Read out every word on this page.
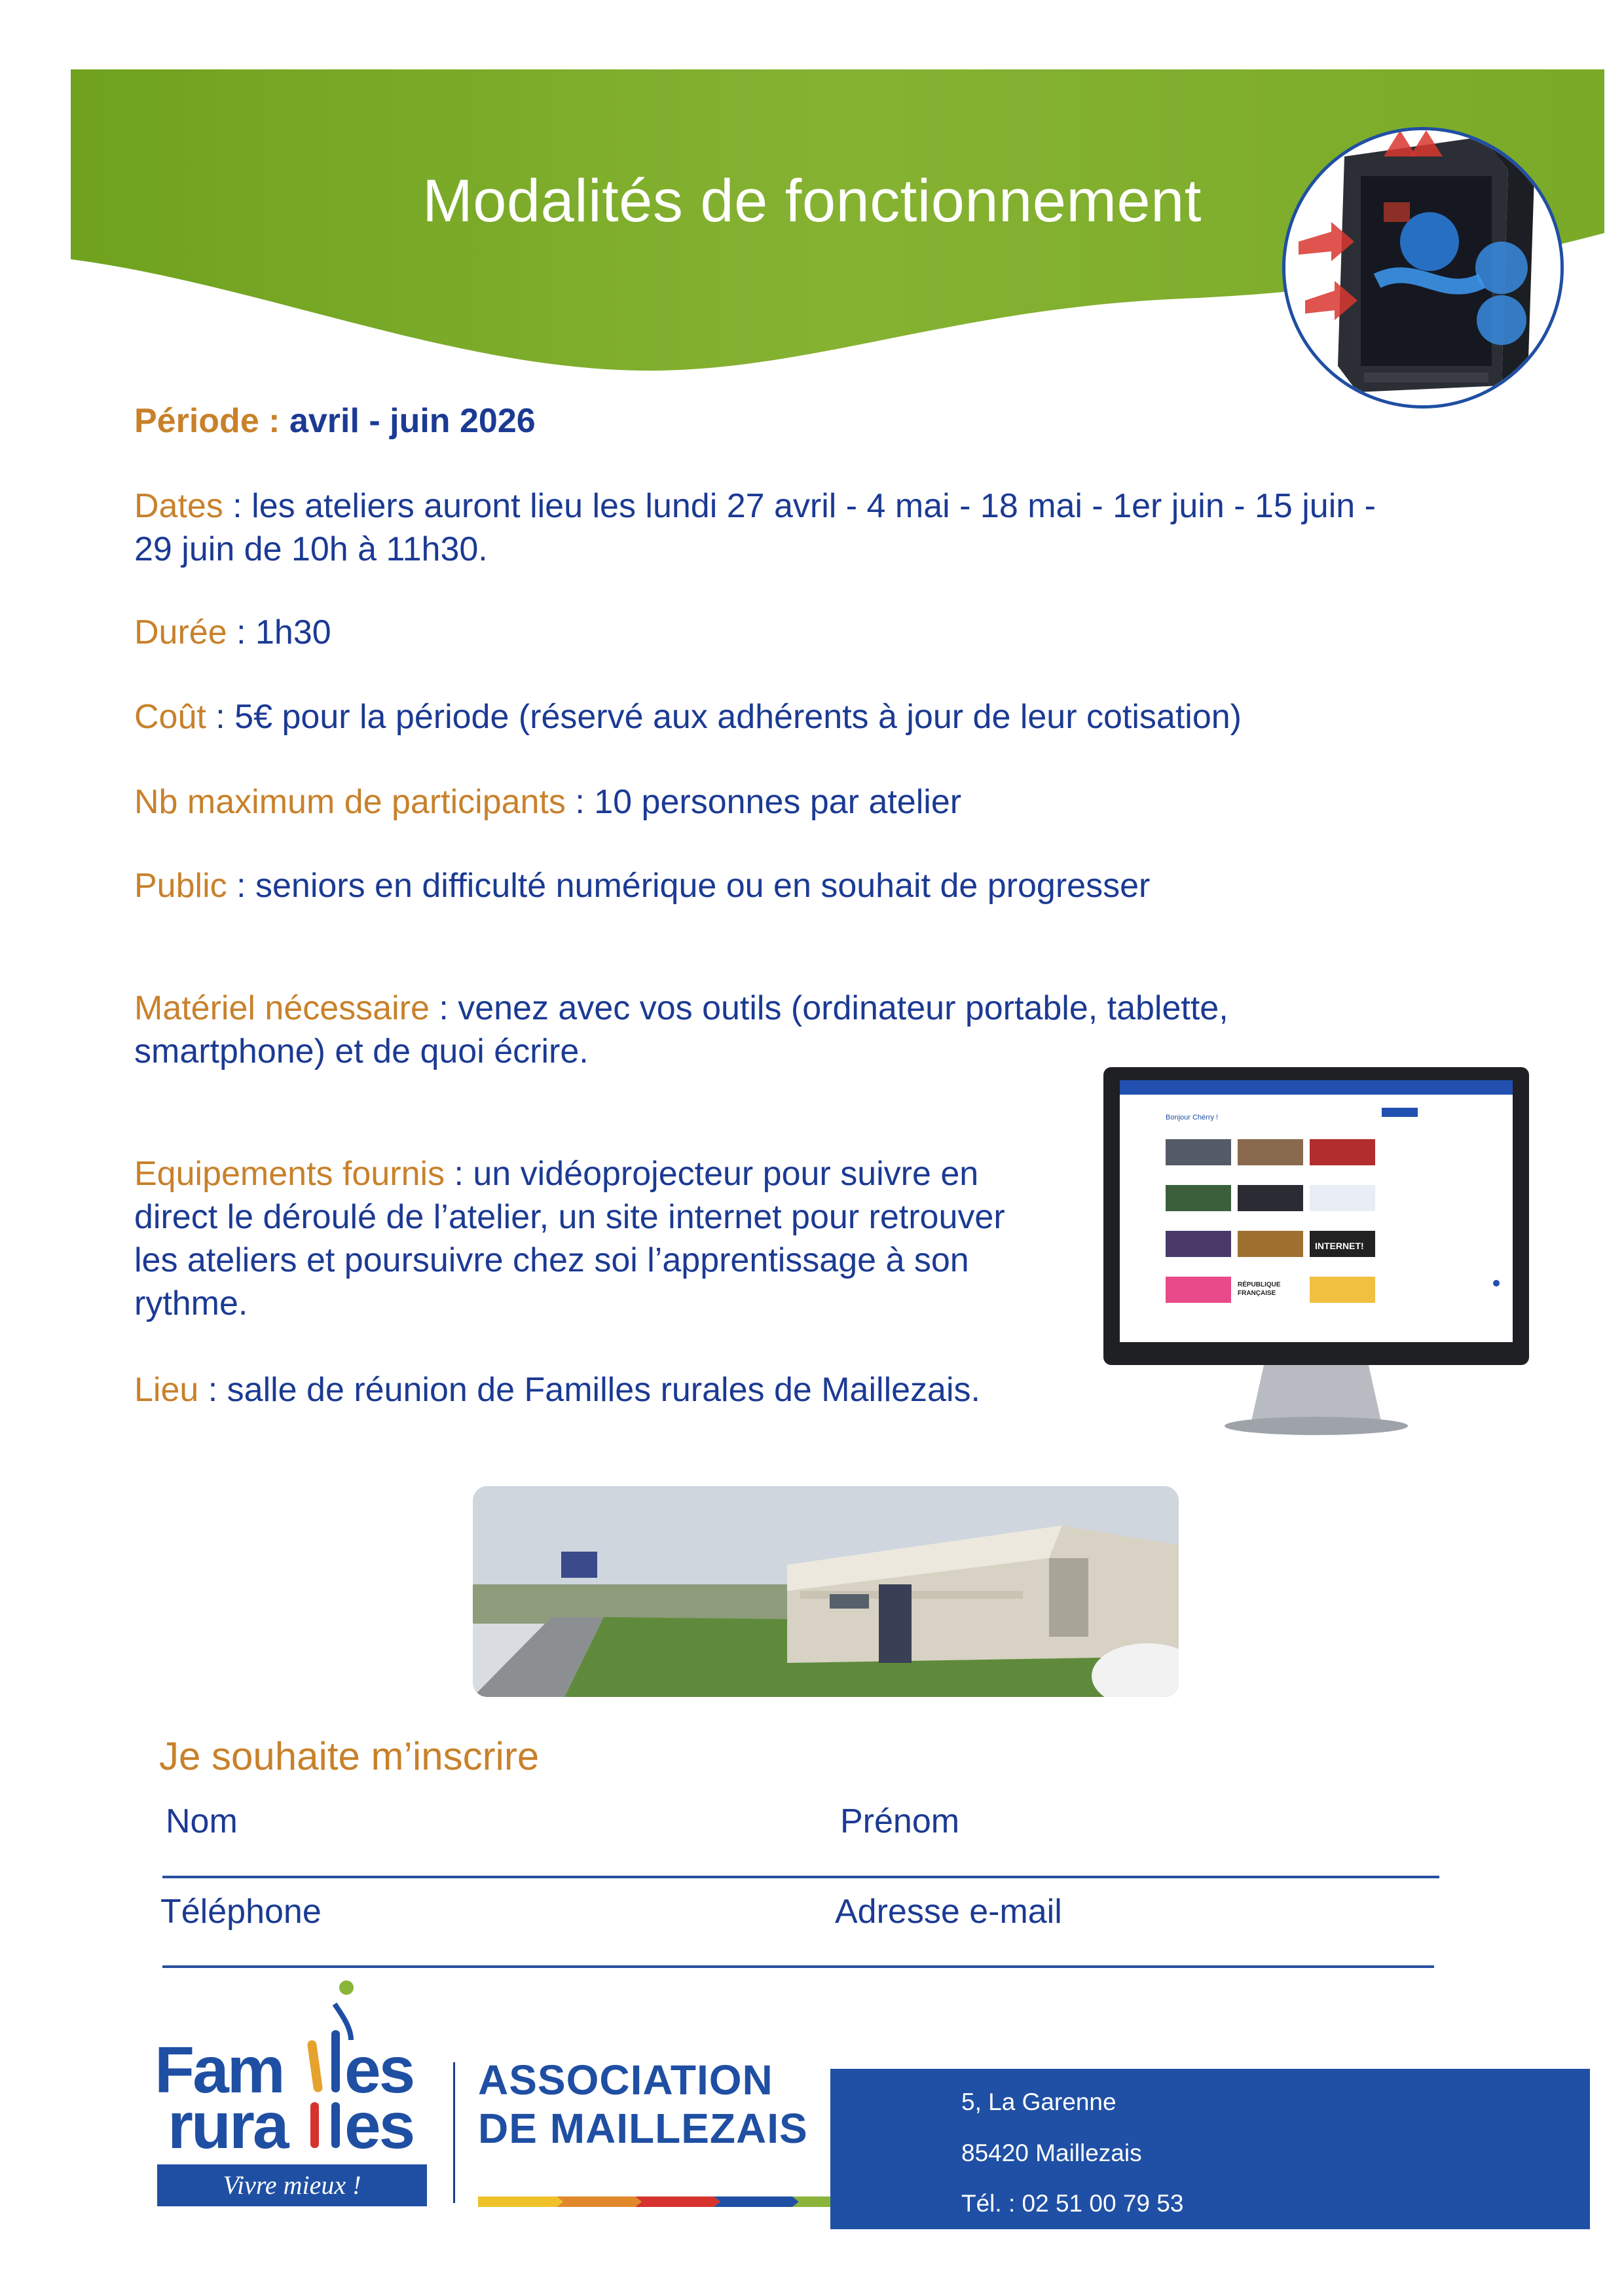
Modalités de fonctionnement
Période : avril - juin 2026
Dates : les ateliers auront lieu les lundi 27 avril - 4 mai - 18 mai - 1er juin - 15 juin -
29 juin de 10h à 11h30.
Durée : 1h30
Coût : 5€ pour la période (réservé aux adhérents à jour de leur cotisation)
Nb maximum de participants : 10 personnes par atelier
Public : seniors en difficulté numérique ou en souhait de progresser
Matériel nécessaire : venez avec vos outils (ordinateur portable, tablette,
smartphone) et de quoi écrire.
Equipements fournis : un vidéoprojecteur pour suivre en
direct le déroulé de l’atelier, un site internet pour retrouver
les ateliers et poursuivre chez soi l’apprentissage à son
rythme.
Lieu : salle de réunion de Familles rurales de Maillezais.
Bonjour Chérry !
INTERNET!
RÉPUBLIQUE
FRANÇAISE
Je souhaite m’inscrire
Nom	Prénom
Téléphone	Adresse e-mail
Fam es
rura es
Vivre mieux !
ASSOCIATION
DE MAILLEZAIS
5, La Garenne
85420 Maillezais
Tél. : 02 51 00 79 53
